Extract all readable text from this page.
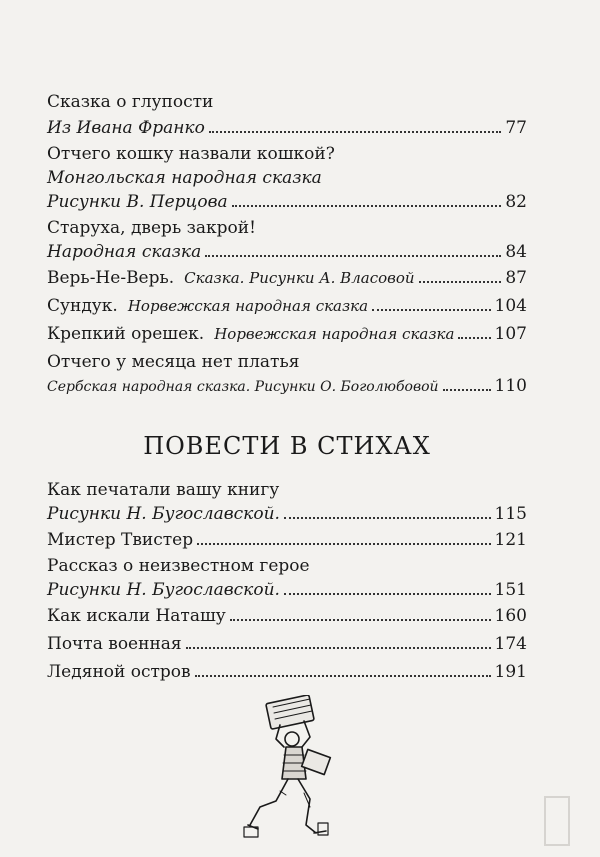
Сказка о глупости
Из Ивана Франко	77
Отчего кошку назвали кошкой?
Монгольская народная сказка
Рисунки В. Перцова	82
Старуха, дверь закрой!
Народная сказка	84
Верь-Не-Верь. Сказка. Рисунки А. Власовой	87
Сундук. Норвежская народная сказка	104
Крепкий орешек. Норвежская народная сказка 107
Отчего у месяца нет платья
Сербская народная сказка. Рисунки О. Боголюбовой	110
ПОВЕСТИ В СТИХАХ
Как печатали вашу книгу
Рисунки Н. Бугославской.	115
Мистер Твистер	121
Рассказ о неизвестном герое
Рисунки Н. Бугославской.	151
Как искали Наташу	160
Почта военная	174
Ледяной остров	191
